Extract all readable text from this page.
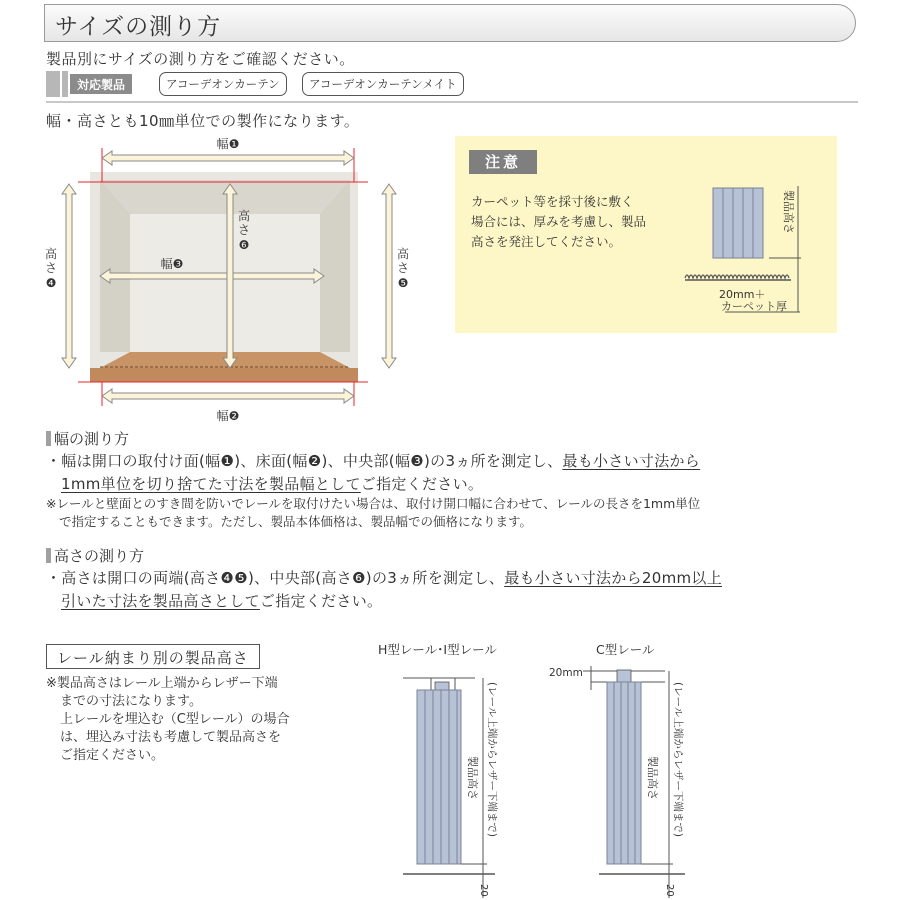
サイズの測り方
製品別にサイズの測り方をご確認ください。
対応製品	アコーデオンカーテン	アコーデオンカーテンメイト
幅・高さとも10㎜単位での製作になります。
幅❶
幅❷
幅❸
高
さ
❹
高
さ
❺
高
さ
❻
注意
カーペット等を採寸後に敷く
場合には、厚みを考慮し、製品
高さを発注してください。
製品高さ
20mm＋
カーペット厚
幅の測り方
・幅は開口の取付け面(幅❶)、床面(幅❷)、中央部(幅❸)の3ヵ所を測定し、最も小さい寸法から
1mm単位を切り捨てた寸法を製品幅としてご指定ください。
※レールと壁面とのすき間を防いでレールを取付けたい場合は、取付け開口幅に合わせて、レールの長さを1mm単位
で指定することもできます。ただし、製品本体価格は、製品幅での価格になります。
高さの測り方
・高さは開口の両端(高さ❹❺)、中央部(高さ❻)の3ヵ所を測定し、最も小さい寸法から20mm以上
引いた寸法を製品高さとしてご指定ください。
レール納まり別の製品高さ
※製品高さはレール上端からレザー下端
までの寸法になります。
上レールを埋込む（C型レール）の場合
は、埋込み寸法も考慮して製品高さを
ご指定ください。
H型レール･I型レール	C型レール
製品高さ (レール上端からレザー下端まで)
20
20mm
製品高さ (レール上端からレザー下端まで)
20
